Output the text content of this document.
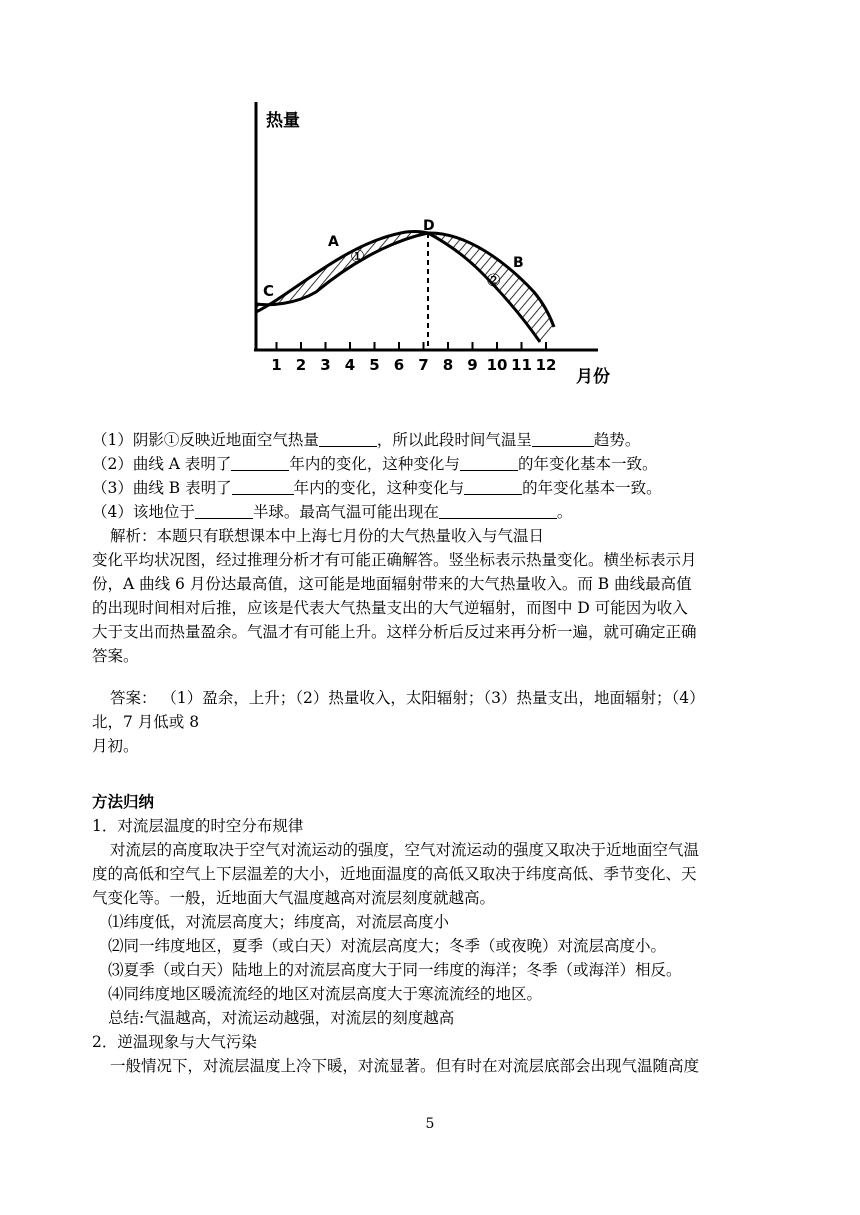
热量
月份
C
A
D
B
①
②
1 2 3 4 5 6 7 8 9 10 11 12

（1）阴影①反映近地面空气热量	，所以此段时间气温呈	趋势。

（2）曲线 A 表明了	年内的变化，这种变化与	的年变化基本一致。

（3）曲线 B 表明了	年内的变化，这种变化与	的年变化基本一致。

（4）该地位于	半球。最高气温可能出现在	。

解析：本题只有联想课本中上海七月份的大气热量收入与气温日

变化平均状况图，经过推理分析才有可能正确解答。竖坐标表示热量变化。横坐标表示月

份，A 曲线 6 月份达最高值，这可能是地面辐射带来的大气热量收入。而 B 曲线最高值

的出现时间相对后推，应该是代表大气热量支出的大气逆辐射，而图中 D 可能因为收入

大于支出而热量盈余。气温才有可能上升。这样分析后反过来再分析一遍，就可确定正确

答案。

答案： （1）盈余，上升；（2）热量收入，太阳辐射；（3）热量支出，地面辐射；（4）

北，7 月低或 8

月初。

方法归纳

1．对流层温度的时空分布规律

对流层的高度取决于空气对流运动的强度，空气对流运动的强度又取决于近地面空气温

度的高低和空气上下层温差的大小，近地面温度的高低又取决于纬度高低、季节变化、天

气变化等。一般，近地面大气温度越高对流层刻度就越高。

⑴纬度低，对流层高度大；纬度高，对流层高度小

⑵同一纬度地区，夏季（或白天）对流层高度大；冬季（或夜晚）对流层高度小。

⑶夏季（或白天）陆地上的对流层高度大于同一纬度的海洋；冬季（或海洋）相反。

⑷同纬度地区暖流流经的地区对流层高度大于寒流流经的地区。

总结:气温越高，对流运动越强，对流层的刻度越高

2．逆温现象与大气污染

一般情况下，对流层温度上冷下暖，对流显著。但有时在对流层底部会出现气温随高度

5
